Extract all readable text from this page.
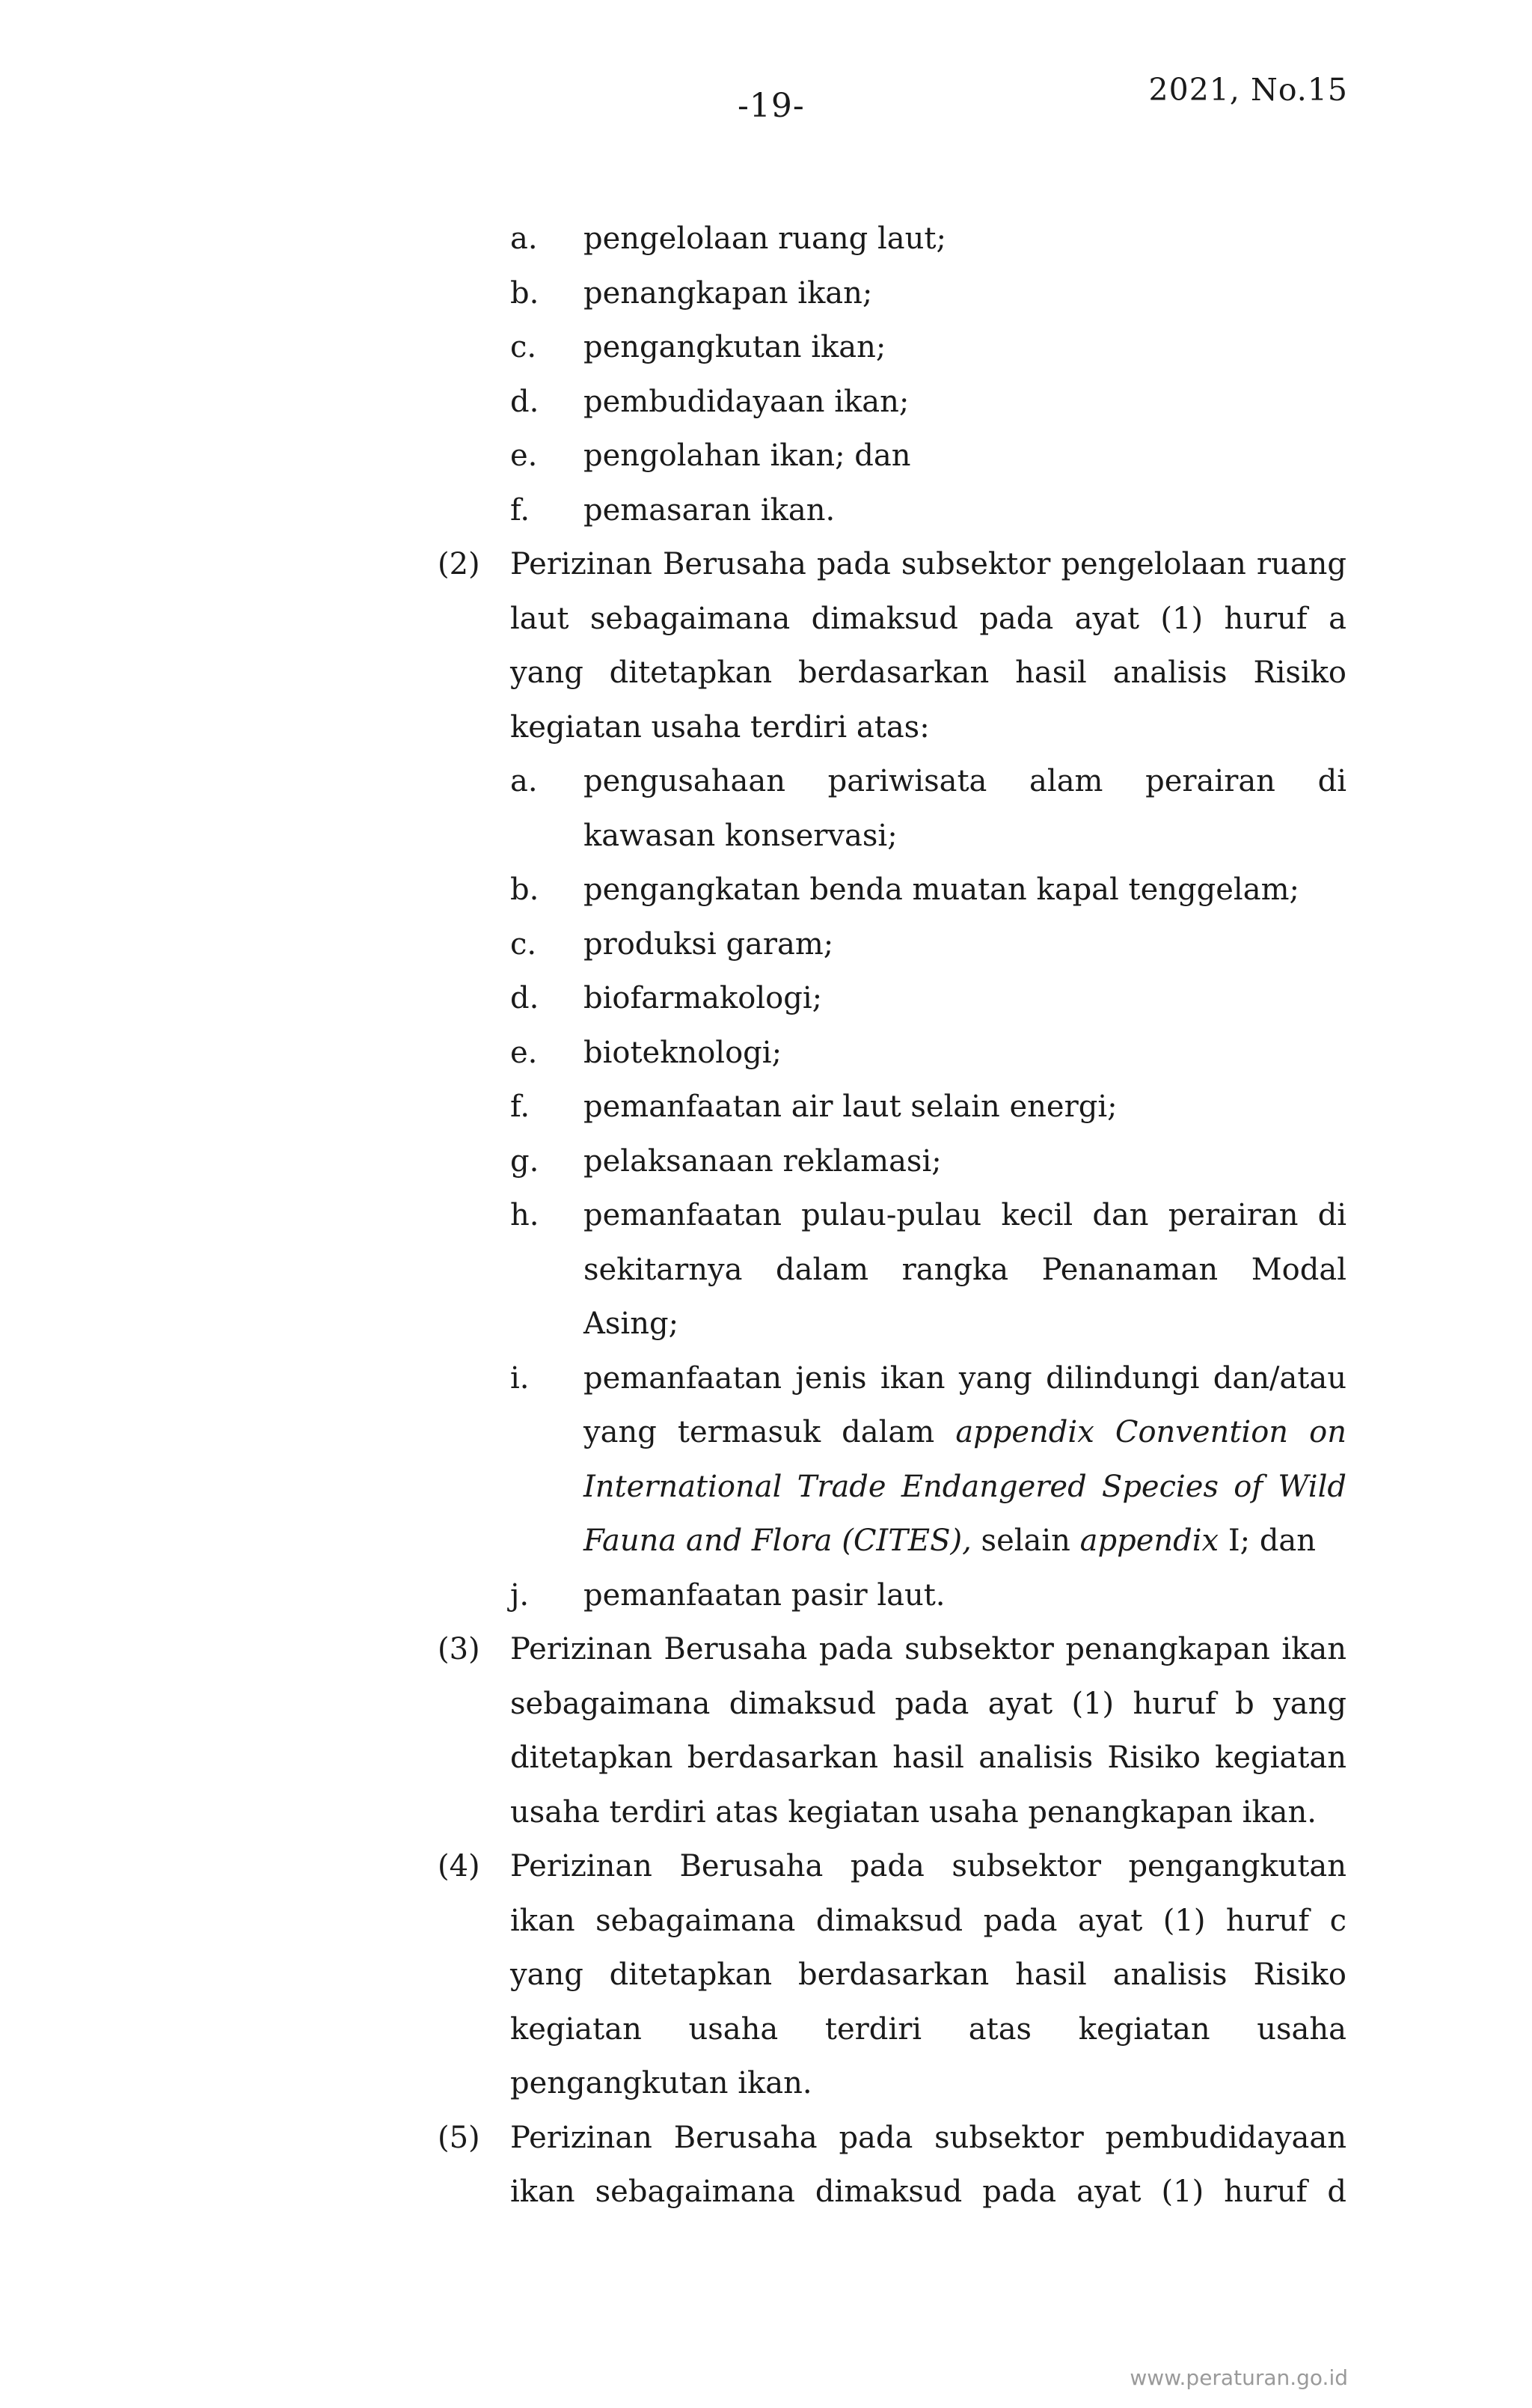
-19-	2021, No.15
a. pengelolaan ruang laut;
b. penangkapan ikan;
c. pengangkutan ikan;
d. pembudidayaan ikan;
e. pengolahan ikan; dan
f. pemasaran ikan.
(2) Perizinan Berusaha pada subsektor pengelolaan ruang
laut sebagaimana dimaksud pada ayat (1) huruf a
yang ditetapkan berdasarkan hasil analisis Risiko
kegiatan usaha terdiri atas:
a. pengusahaan pariwisata alam perairan di
kawasan konservasi;
b. pengangkatan benda muatan kapal tenggelam;
c. produksi garam;
d. biofarmakologi;
e. bioteknologi;
f. pemanfaatan air laut selain energi;
g. pelaksanaan reklamasi;
h. pemanfaatan pulau-pulau kecil dan perairan di
sekitarnya dalam rangka Penanaman Modal
Asing;
i. pemanfaatan jenis ikan yang dilindungi dan/atau
yang termasuk dalam appendix Convention on
International Trade Endangered Species of Wild
Fauna and Flora (CITES), selain appendix I; dan
j. pemanfaatan pasir laut.
(3) Perizinan Berusaha pada subsektor penangkapan ikan
sebagaimana dimaksud pada ayat (1) huruf b yang
ditetapkan berdasarkan hasil analisis Risiko kegiatan
usaha terdiri atas kegiatan usaha penangkapan ikan.
(4) Perizinan Berusaha pada subsektor pengangkutan
ikan sebagaimana dimaksud pada ayat (1) huruf c
yang ditetapkan berdasarkan hasil analisis Risiko
kegiatan usaha terdiri atas kegiatan usaha
pengangkutan ikan.
(5) Perizinan Berusaha pada subsektor pembudidayaan
ikan sebagaimana dimaksud pada ayat (1) huruf d
www.peraturan.go.id
